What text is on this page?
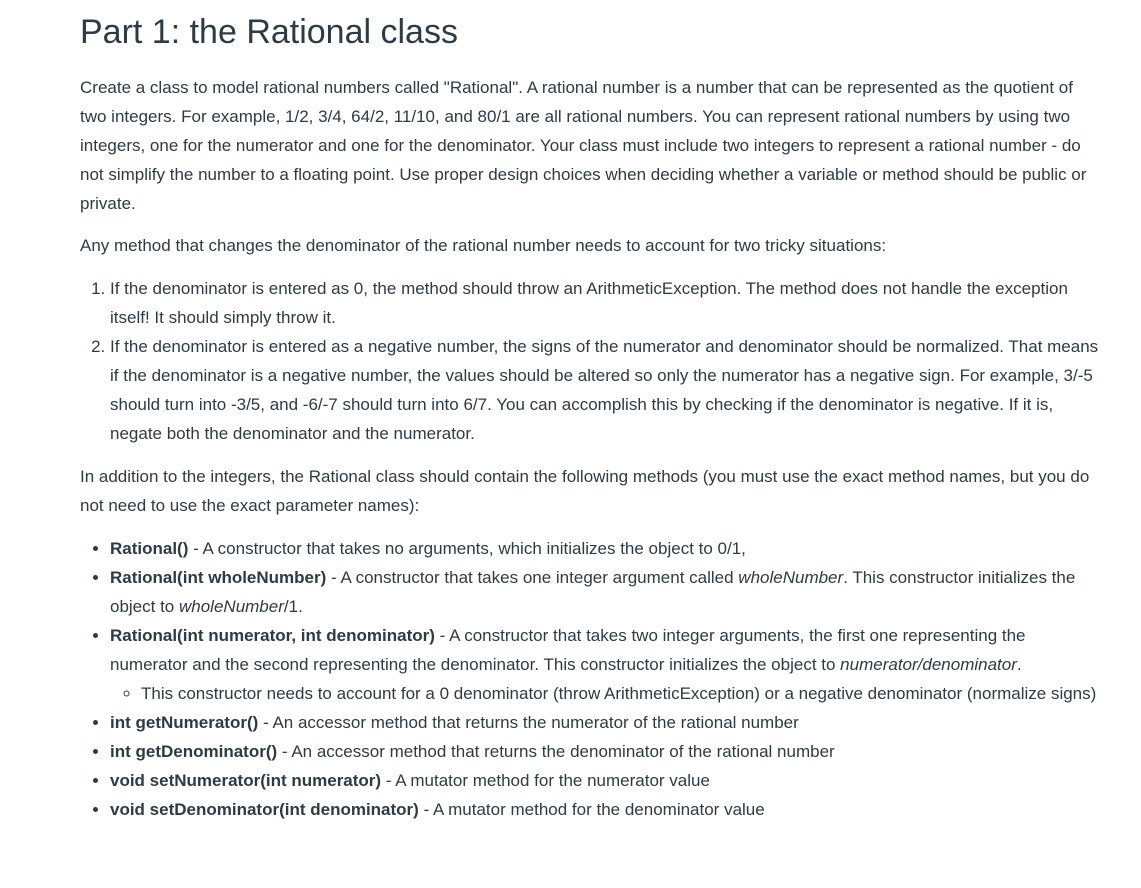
Part 1: the Rational class

Create a class to model rational numbers called "Rational". A rational number is a number that can be represented as the quotient of two integers. For example, 1/2, 3/4, 64/2, 11/10, and 80/1 are all rational numbers. You can represent rational numbers by using two integers, one for the numerator and one for the denominator. Your class must include two integers to represent a rational number - do not simplify the number to a floating point. Use proper design choices when deciding whether a variable or method should be public or private.

Any method that changes the denominator of the rational number needs to account for two tricky situations:

1. If the denominator is entered as 0, the method should throw an ArithmeticException. The method does not handle the exception itself! It should simply throw it.
2. If the denominator is entered as a negative number, the signs of the numerator and denominator should be normalized. That means if the denominator is a negative number, the values should be altered so only the numerator has a negative sign. For example, 3/-5 should turn into -3/5, and -6/-7 should turn into 6/7. You can accomplish this by checking if the denominator is negative. If it is, negate both the denominator and the numerator.

In addition to the integers, the Rational class should contain the following methods (you must use the exact method names, but you do not need to use the exact parameter names):

• Rational() - A constructor that takes no arguments, which initializes the object to 0/1,
• Rational(int wholeNumber) - A constructor that takes one integer argument called wholeNumber. This constructor initializes the object to wholeNumber/1.
• Rational(int numerator, int denominator) - A constructor that takes two integer arguments, the first one representing the numerator and the second representing the denominator. This constructor initializes the object to numerator/denominator.
◦ This constructor needs to account for a 0 denominator (throw ArithmeticException) or a negative denominator (normalize signs)
• int getNumerator() - An accessor method that returns the numerator of the rational number
• int getDenominator() - An accessor method that returns the denominator of the rational number
• void setNumerator(int numerator) - A mutator method for the numerator value
• void setDenominator(int denominator) - A mutator method for the denominator value
